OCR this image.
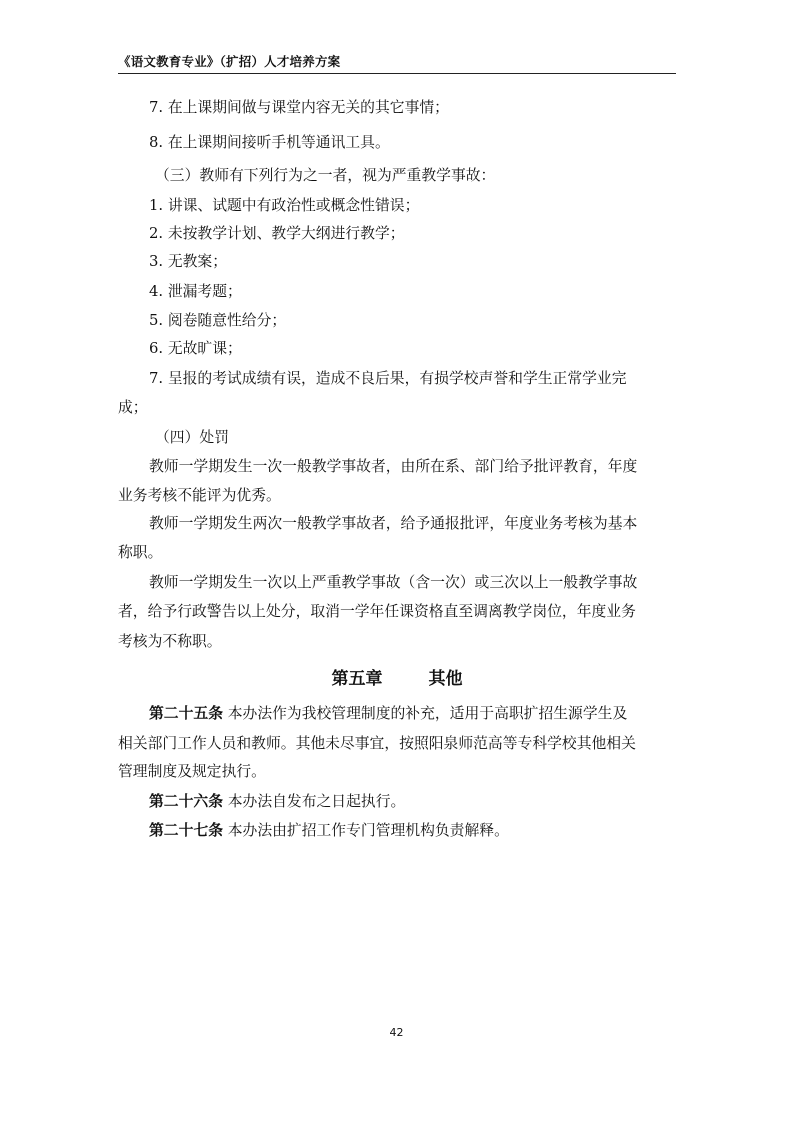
《语文教育专业》（扩招）人才培养方案
7. 在上课期间做与课堂内容无关的其它事情；
8. 在上课期间接听手机等通讯工具。
（三）教师有下列行为之一者，视为严重教学事故：
1. 讲课、试题中有政治性或概念性错误；
2. 未按教学计划、教学大纲进行教学；
3. 无教案；
4. 泄漏考题；
5. 阅卷随意性给分；
6. 无故旷课；
7. 呈报的考试成绩有误，造成不良后果，有损学校声誉和学生正常学业完
成；
（四）处罚
教师一学期发生一次一般教学事故者，由所在系、部门给予批评教育，年度
业务考核不能评为优秀。
教师一学期发生两次一般教学事故者，给予通报批评，年度业务考核为基本
称职。
教师一学期发生一次以上严重教学事故（含一次）或三次以上一般教学事故
者，给予行政警告以上处分，取消一学年任课资格直至调离教学岗位，年度业务
考核为不称职。
第五章	其他
第二十五条 本办法作为我校管理制度的补充，适用于高职扩招生源学生及
相关部门工作人员和教师。其他未尽事宜，按照阳泉师范高等专科学校其他相关
管理制度及规定执行。
第二十六条 本办法自发布之日起执行。
第二十七条 本办法由扩招工作专门管理机构负责解释。
42
